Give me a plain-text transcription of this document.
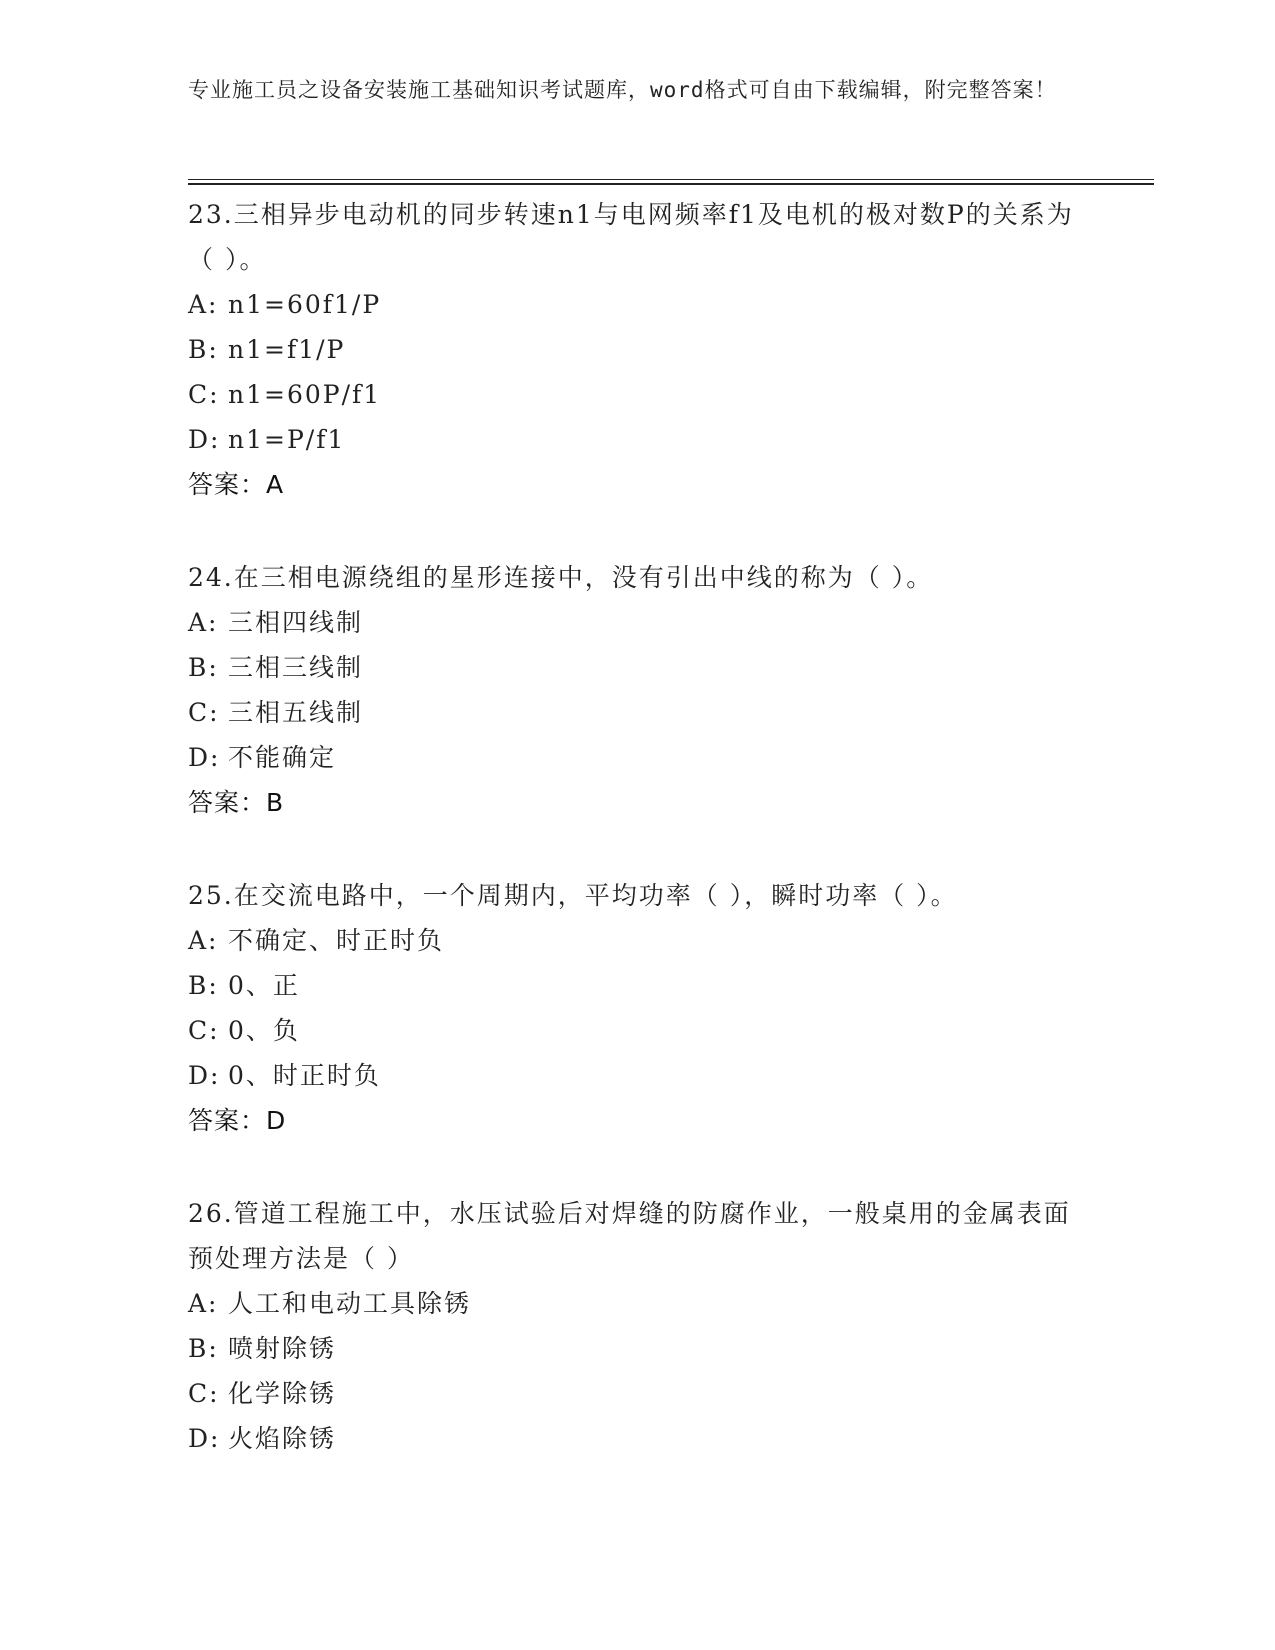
专业施工员之设备安装施工基础知识考试题库，word格式可自由下载编辑，附完整答案！

23.三相异步电动机的同步转速n1与电网频率f1及电机的极对数P的关系为（ ）。

A: n1=60f1/P
B: n1=f1/P
C: n1=60P/f1
D: n1=P/f1
答案：A

24.在三相电源绕组的星形连接中，没有引出中线的称为（ ）。

A: 三相四线制
B: 三相三线制
C: 三相五线制
D: 不能确定
答案：B

25.在交流电路中，一个周期内，平均功率（ ），瞬时功率（ ）。

A: 不确定、时正时负
B: 0、正
C: 0、负
D: 0、时正时负
答案：D

26.管道工程施工中，水压试验后对焊缝的防腐作业，一般桌用的金属表面预处理方法是（ ）

A: 人工和电动工具除锈
B: 喷射除锈
C: 化学除锈
D: 火焰除锈
